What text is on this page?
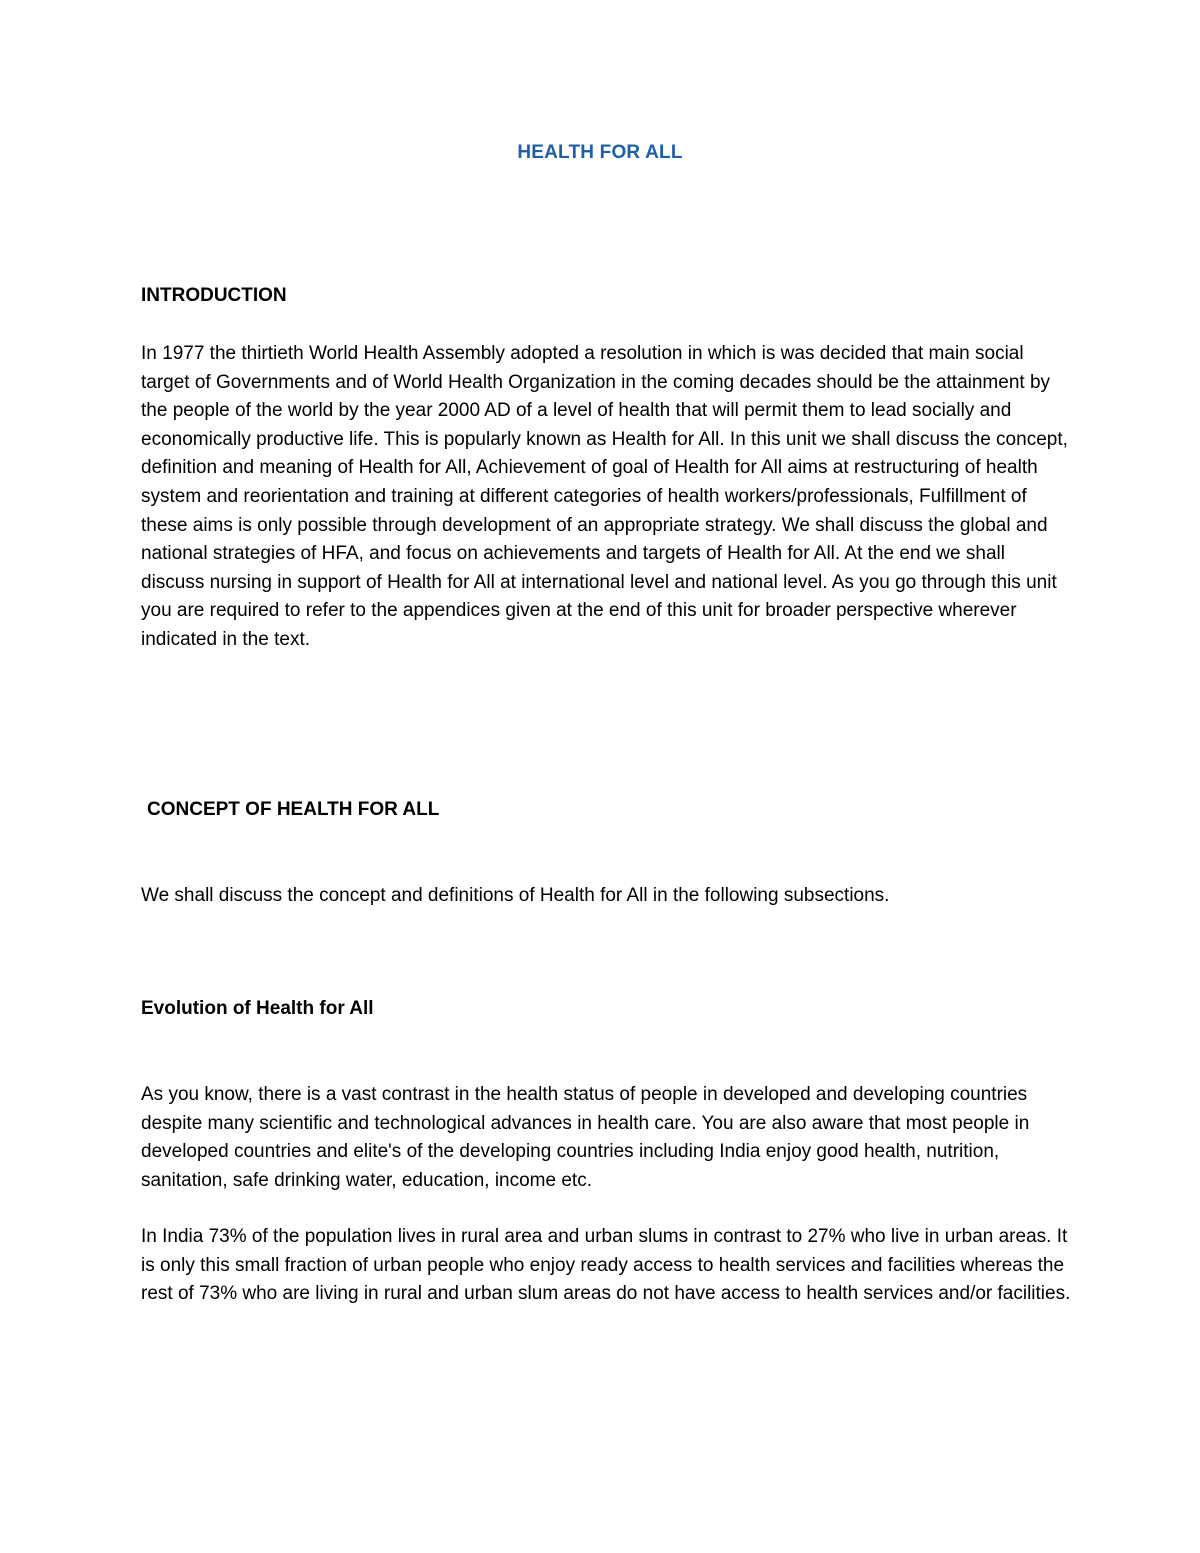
HEALTH FOR ALL
INTRODUCTION

In 1977 the thirtieth World Health Assembly adopted a resolution in which is was decided that main social target of Governments and of World Health Organization in the coming decades should be the attainment by the people of the world by the year 2000 AD of a level of health that will permit them to lead socially and economically productive life. This is popularly known as Health for All. In this unit we shall discuss the concept, definition and meaning of Health for All, Achievement of goal of Health for All aims at restructuring of health system and reorientation and training at different categories of health workers/professionals, Fulfillment of these aims is only possible through development of an appropriate strategy. We shall discuss the global and national strategies of HFA, and focus on achievements and targets of Health for All. At the end we shall discuss nursing in support of Health for All at international level and national level. As you go through this unit you are required to refer to the appendices given at the end of this unit for broader perspective wherever indicated in the text.

CONCEPT OF HEALTH FOR ALL

We shall discuss the concept and definitions of Health for All in the following subsections.

Evolution of Health for All

As you know, there is a vast contrast in the health status of people in developed and developing countries despite many scientific and technological advances in health care. You are also aware that most people in developed countries and elite's of the developing countries including India enjoy good health, nutrition, sanitation, safe drinking water, education, income etc.

In India 73% of the population lives in rural area and urban slums in contrast to 27% who live in urban areas. It is only this small fraction of urban people who enjoy ready access to health services and facilities whereas the rest of 73% who are living in rural and urban slum areas do not have access to health services and/or facilities.
